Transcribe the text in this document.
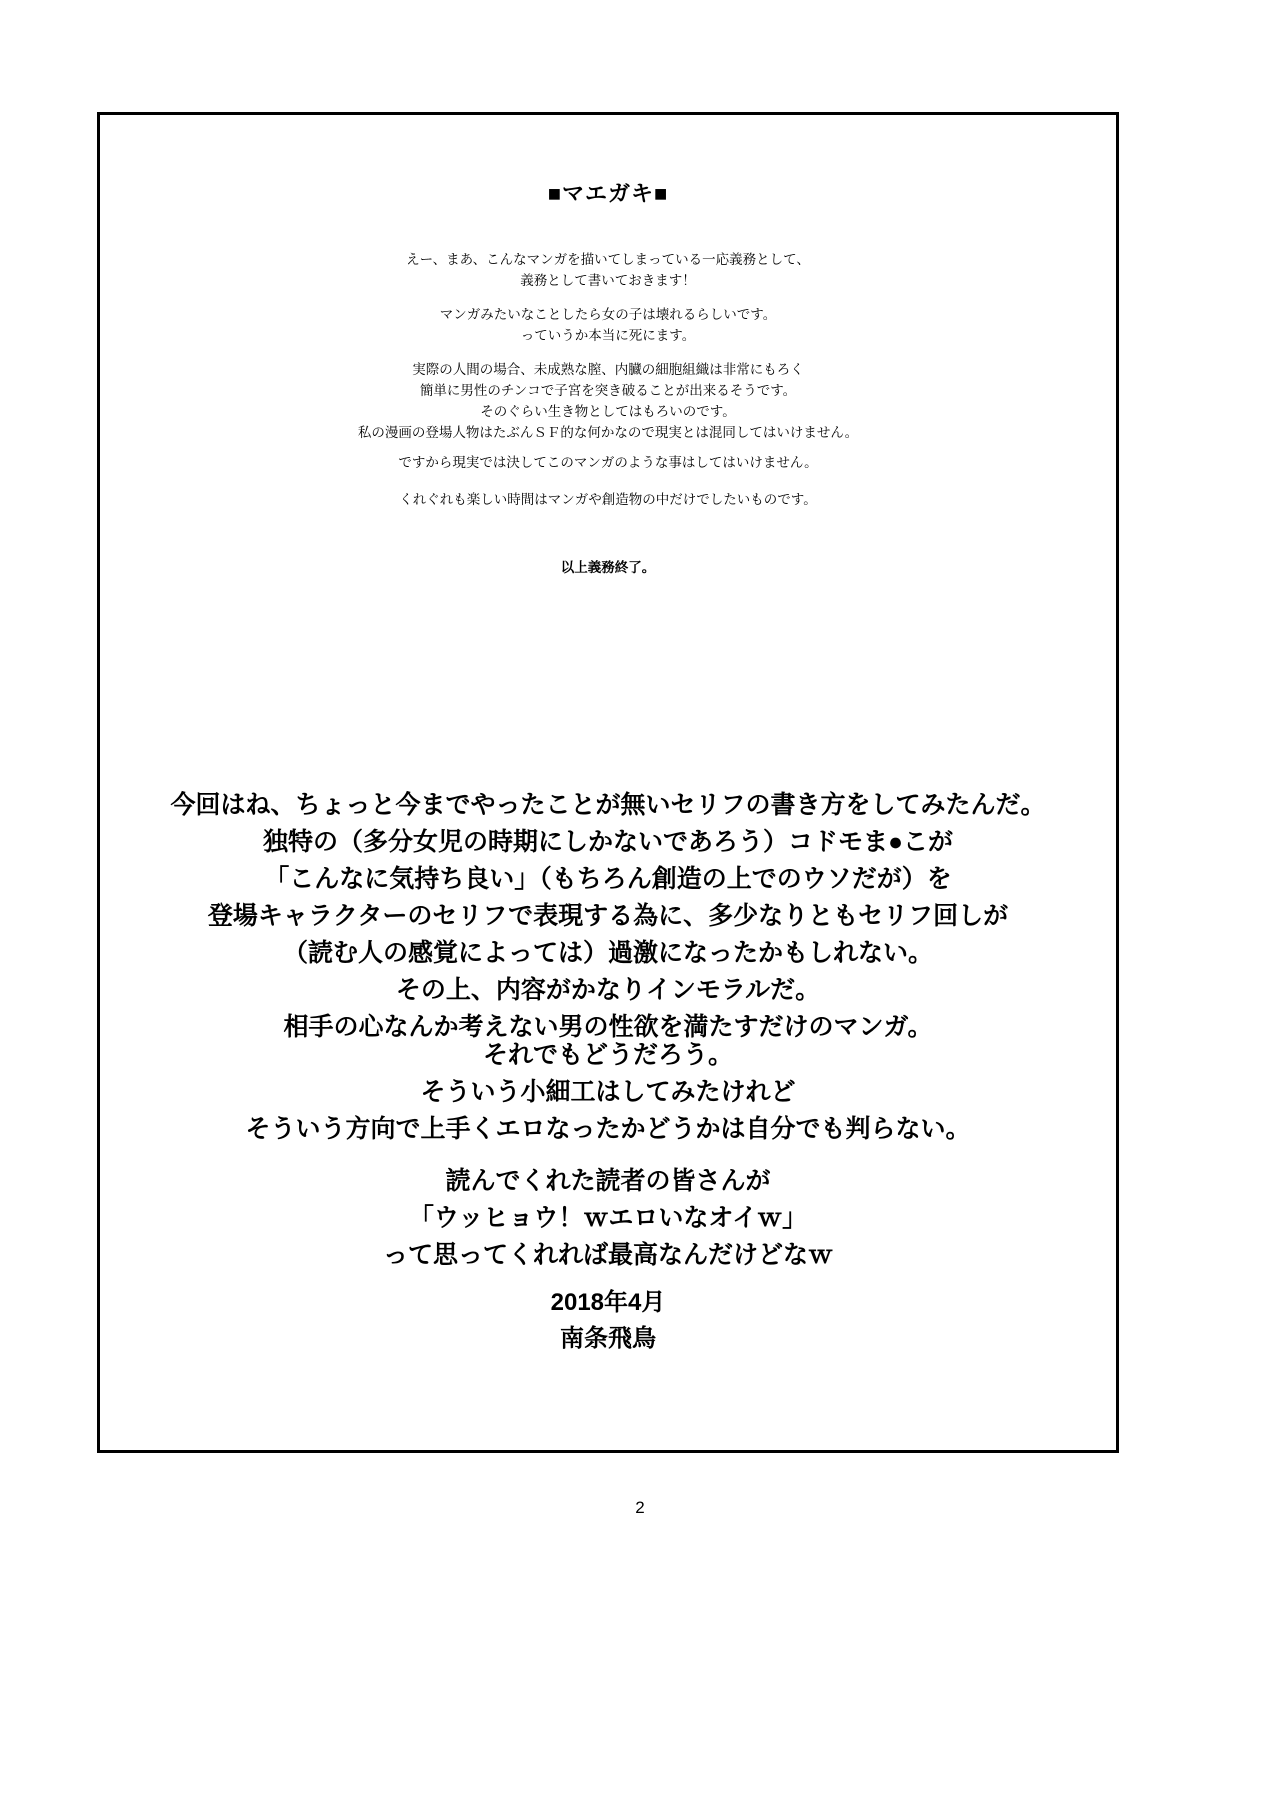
■マエガキ■
えー、まあ、こんなマンガを描いてしまっている一応義務として、
義務として書いておきます！
マンガみたいなことしたら女の子は壊れるらしいです。
っていうか本当に死にます。
実際の人間の場合、未成熟な膣、内臓の細胞組織は非常にもろく
簡単に男性のチンコで子宮を突き破ることが出来るそうです。
そのぐらい生き物としてはもろいのです。
私の漫画の登場人物はたぶんＳＦ的な何かなので現実とは混同してはいけません。
ですから現実では決してこのマンガのような事はしてはいけません。
くれぐれも楽しい時間はマンガや創造物の中だけでしたいものです。
以上義務終了。
今回はね、ちょっと今までやったことが無いセリフの書き方をしてみたんだ。
独特の（多分女児の時期にしかないであろう）コドモま●こが
「こんなに気持ち良い」（もちろん創造の上でのウソだが）を
登場キャラクターのセリフで表現する為に、多少なりともセリフ回しが
（読む人の感覚によっては）過激になったかもしれない。
その上、内容がかなりインモラルだ。
相手の心なんか考えない男の性欲を満たすだけのマンガ。
それでもどうだろう。
そういう小細工はしてみたけれど
そういう方向で上手くエロなったかどうかは自分でも判らない。
読んでくれた読者の皆さんが
「ウッヒョウ！ｗエロいなオイｗ」
って思ってくれれば最高なんだけどなｗ
2018年4月
南条飛鳥
2
